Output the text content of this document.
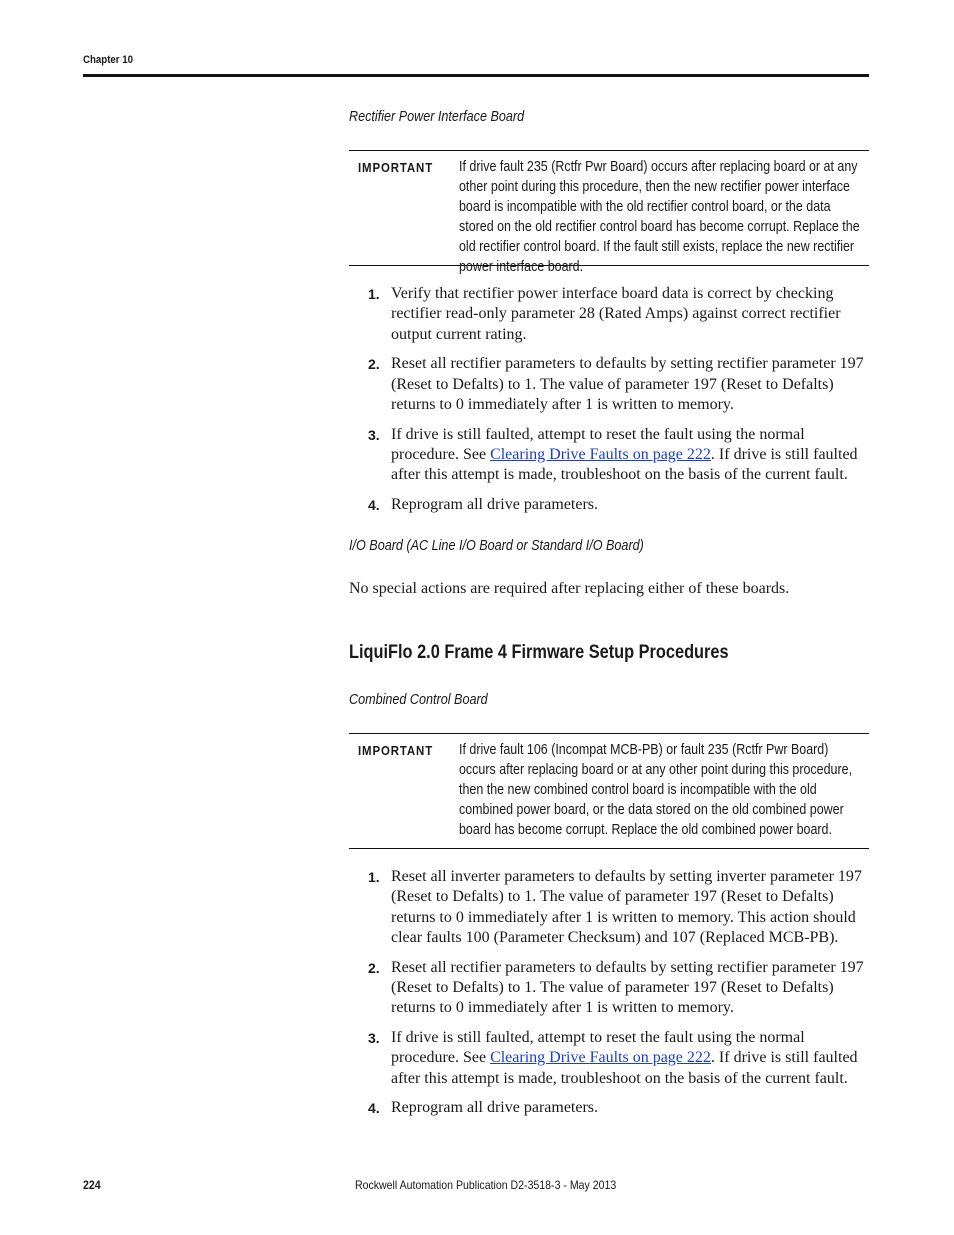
Chapter 10
Rectifier Power Interface Board
IMPORTANT If drive fault 235 (Rctfr Pwr Board) occurs after replacing board or at any other point during this procedure, then the new rectifier power interface board is incompatible with the old rectifier control board, or the data stored on the old rectifier control board has become corrupt. Replace the old rectifier control board. If the fault still exists, replace the new rectifier power interface board.
1. Verify that rectifier power interface board data is correct by checking rectifier read-only parameter 28 (Rated Amps) against correct rectifier output current rating.
2. Reset all rectifier parameters to defaults by setting rectifier parameter 197 (Reset to Defalts) to 1. The value of parameter 197 (Reset to Defalts) returns to 0 immediately after 1 is written to memory.
3. If drive is still faulted, attempt to reset the fault using the normal procedure. See Clearing Drive Faults on page 222. If drive is still faulted after this attempt is made, troubleshoot on the basis of the current fault.
4. Reprogram all drive parameters.
I/O Board (AC Line I/O Board or Standard I/O Board)
No special actions are required after replacing either of these boards.
LiquiFlo 2.0 Frame 4 Firmware Setup Procedures
Combined Control Board
IMPORTANT If drive fault 106 (Incompat MCB-PB) or fault 235 (Rctfr Pwr Board) occurs after replacing board or at any other point during this procedure, then the new combined control board is incompatible with the old combined power board, or the data stored on the old combined power board has become corrupt. Replace the old combined power board.
1. Reset all inverter parameters to defaults by setting inverter parameter 197 (Reset to Defalts) to 1. The value of parameter 197 (Reset to Defalts) returns to 0 immediately after 1 is written to memory. This action should clear faults 100 (Parameter Checksum) and 107 (Replaced MCB-PB).
2. Reset all rectifier parameters to defaults by setting rectifier parameter 197 (Reset to Defalts) to 1. The value of parameter 197 (Reset to Defalts) returns to 0 immediately after 1 is written to memory.
3. If drive is still faulted, attempt to reset the fault using the normal procedure. See Clearing Drive Faults on page 222. If drive is still faulted after this attempt is made, troubleshoot on the basis of the current fault.
4. Reprogram all drive parameters.
224	Rockwell Automation Publication D2-3518-3 - May 2013
